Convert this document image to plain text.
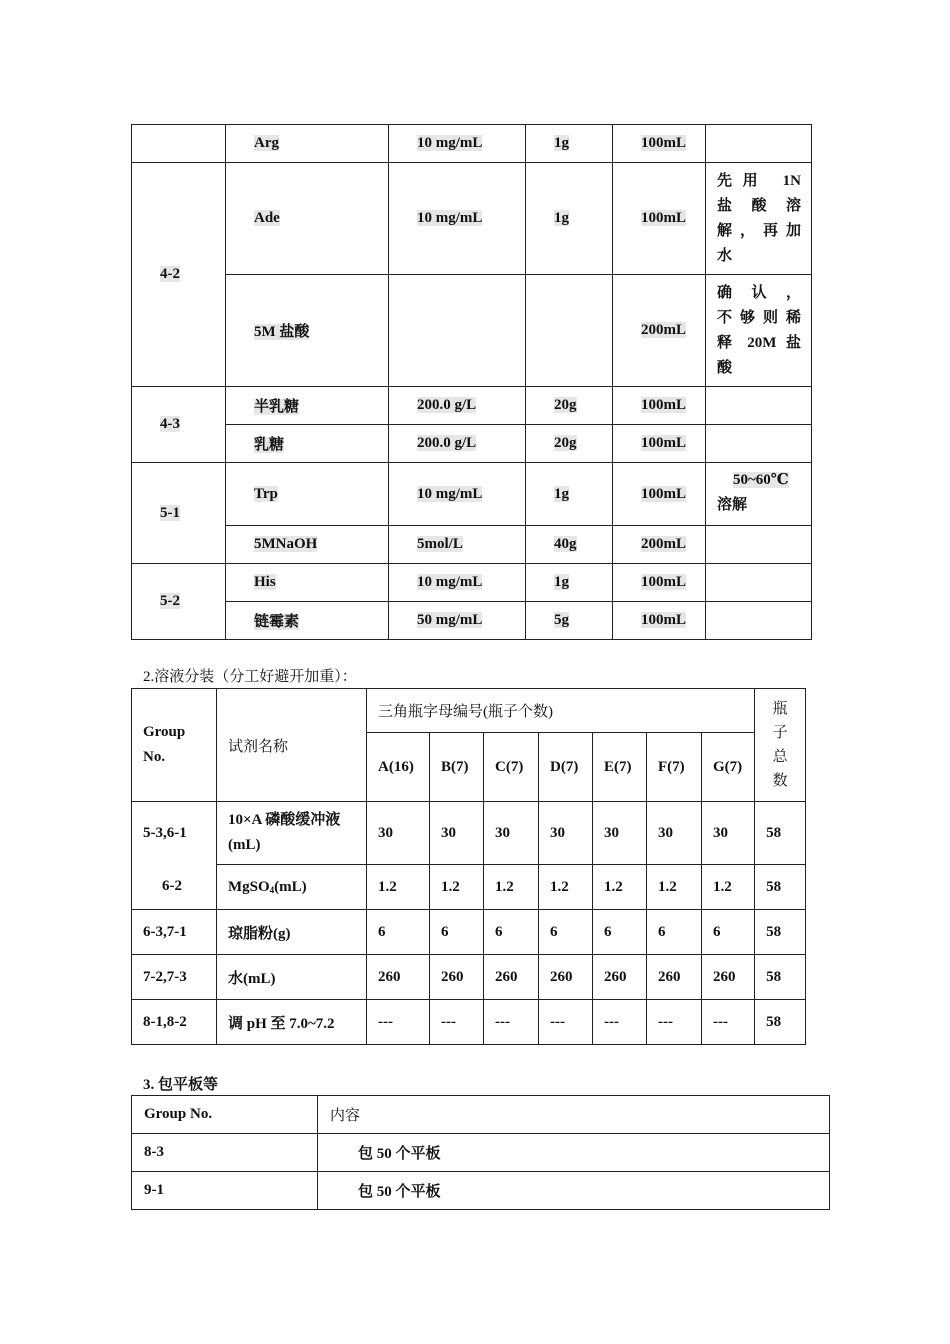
	Arg	10 mg/mL	1g	100mL	
4-2	Ade	10 mg/mL	1g	100mL	先用 1N
盐 酸 溶
解，再加
水

	5M 盐酸			200mL	确 认 ，
不够则稀
释 20M 盐
酸

4-3	半乳糖	200.0 g/L	20g	100mL	
	乳糖	200.0 g/L	20g	100mL	
5-1	Trp	10 mg/mL	1g	100mL	50~60℃
溶解

	5MNaOH	5mol/L	40g	200mL	
5-2	His	10 mg/mL	1g	100mL	
	链霉素	50 mg/mL	5g	100mL	
2.溶液分装（分工好避开加重）：
Group
No.	试剂名称	三角瓶字母编号(瓶子个数)							瓶
子
总
数

		A(16)	B(7)	C(7)	D(7)	E(7)	F(7)	G(7)	
5-3,6-1	10×A 磷酸缓冲液
(mL)	30	30	30	30	30	30	30	58
6-2	MgSO$_4$(mL)	1.2	1.2	1.2	1.2	1.2	1.2	1.2	58
6-3,7-1	琼脂粉(g)	6	6	6	6	6	6	6	58
7-2,7-3	水(mL)	260	260	260	260	260	260	260	58
8-1,8-2	调 pH 至 7.0~7.2	---	---	---	---	---	---	---	58
3. 包平板等
Group No.	内容
8-3	包 50 个平板
9-1	包 50 个平板
